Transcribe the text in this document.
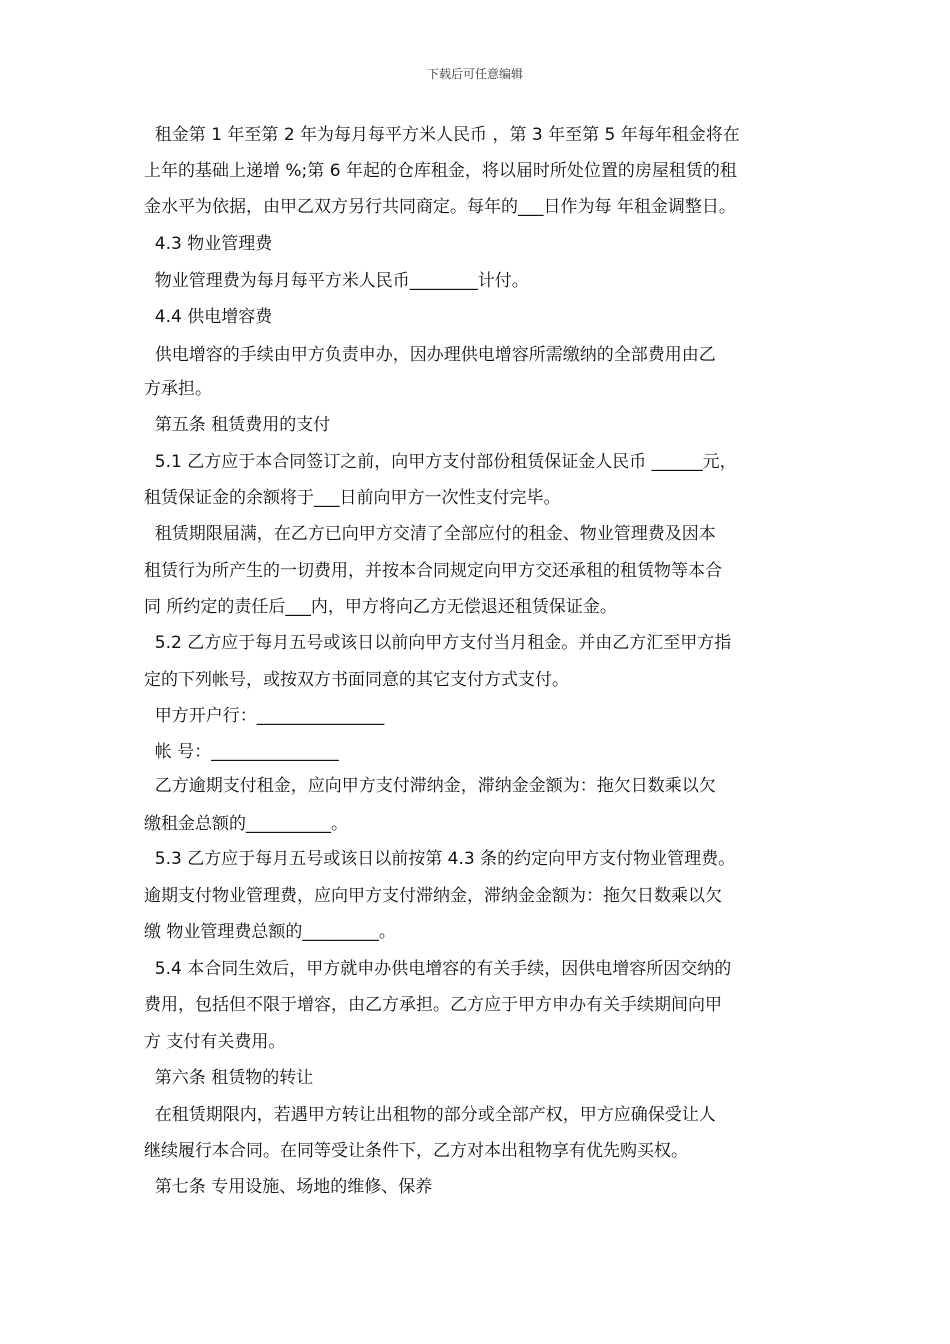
下载后可任意编辑
租金第 1 年至第 2 年为每月每平方米人民币 ，第 3 年至第 5 年每年租金将在
上年的基础上递增 %;第 6 年起的仓库租金，将以届时所处位置的房屋租赁的租
金水平为依据，由甲乙双方另行共同商定。每年的___日作为每 年租金调整日。
4.3 物业管理费
物业管理费为每月每平方米人民币________计付。
4.4 供电增容费
供电增容的手续由甲方负责申办，因办理供电增容所需缴纳的全部费用由乙
方承担。
第五条 租赁费用的支付
5.1 乙方应于本合同签订之前，向甲方支付部份租赁保证金人民币 ______元，
租赁保证金的余额将于___日前向甲方一次性支付完毕。
租赁期限届满，在乙方已向甲方交清了全部应付的租金、物业管理费及因本
租赁行为所产生的一切费用，并按本合同规定向甲方交还承租的租赁物等本合
同 所约定的责任后___内，甲方将向乙方无偿退还租赁保证金。
5.2 乙方应于每月五号或该日以前向甲方支付当月租金。并由乙方汇至甲方指
定的下列帐号，或按双方书面同意的其它支付方式支付。
甲方开户行：_______________
帐 号：_______________
乙方逾期支付租金，应向甲方支付滞纳金，滞纳金金额为：拖欠日数乘以欠
缴租金总额的__________。
5.3 乙方应于每月五号或该日以前按第 4.3 条的约定向甲方支付物业管理费。
逾期支付物业管理费，应向甲方支付滞纳金，滞纳金金额为：拖欠日数乘以欠
缴 物业管理费总额的_________。
5.4 本合同生效后，甲方就申办供电增容的有关手续，因供电增容所因交纳的
费用，包括但不限于增容，由乙方承担。乙方应于甲方申办有关手续期间向甲
方 支付有关费用。
第六条 租赁物的转让
在租赁期限内，若遇甲方转让出租物的部分或全部产权，甲方应确保受让人
继续履行本合同。在同等受让条件下，乙方对本出租物享有优先购买权。
第七条 专用设施、场地的维修、保养
